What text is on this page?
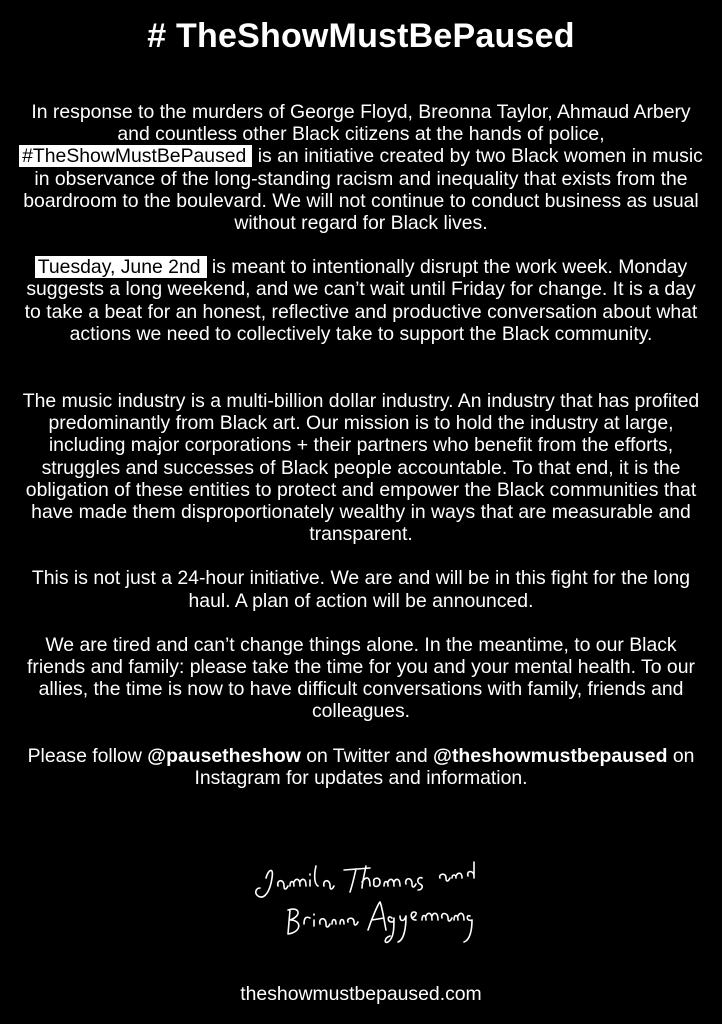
# TheShowMustBePaused

In response to the murders of George Floyd, Breonna Taylor, Ahmaud Arbery and countless other Black citizens at the hands of police, #TheShowMustBePaused is an initiative created by two Black women in music in observance of the long-standing racism and inequality that exists from the boardroom to the boulevard. We will not continue to conduct business as usual without regard for Black lives.

Tuesday, June 2nd is meant to intentionally disrupt the work week. Monday suggests a long weekend, and we can’t wait until Friday for change. It is a day to take a beat for an honest, reflective and productive conversation about what actions we need to collectively take to support the Black community.

The music industry is a multi-billion dollar industry. An industry that has profited predominantly from Black art. Our mission is to hold the industry at large, including major corporations + their partners who benefit from the efforts, struggles and successes of Black people accountable. To that end, it is the obligation of these entities to protect and empower the Black communities that have made them disproportionately wealthy in ways that are measurable and transparent.

This is not just a 24-hour initiative. We are and will be in this fight for the long haul. A plan of action will be announced.

We are tired and can’t change things alone. In the meantime, to our Black friends and family: please take the time for you and your mental health. To our allies, the time is now to have difficult conversations with family, friends and colleagues.

Please follow @pausetheshow on Twitter and @theshowmustbepaused on Instagram for updates and information.

theshowmustbepaused.com
